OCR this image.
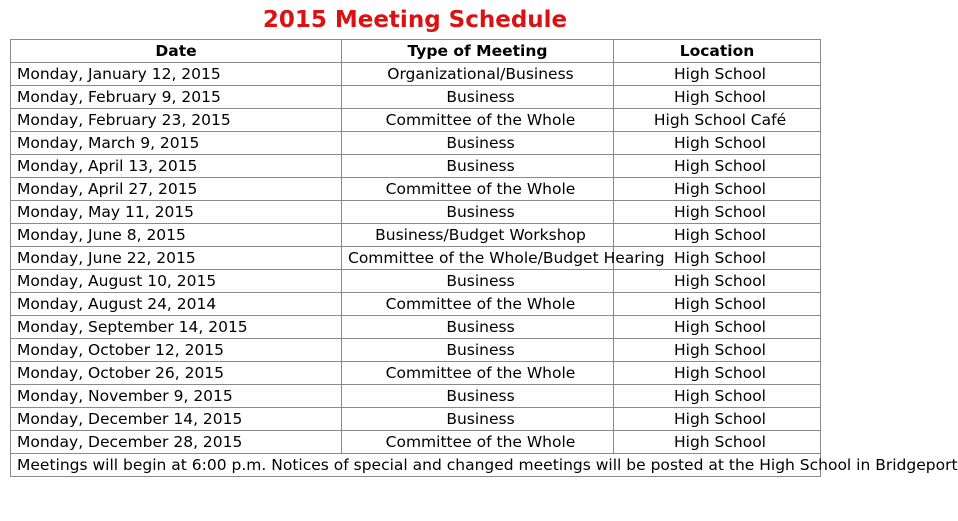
2015 Meeting Schedule
Date	Type of Meeting	Location
Monday, January 12, 2015	Organizational/Business	High School
Monday, February 9, 2015	Business	High School
Monday, February 23, 2015	Committee of the Whole	High School Café
Monday, March 9, 2015	Business	High School
Monday, April 13, 2015	Business	High School
Monday, April 27, 2015	Committee of the Whole	High School
Monday, May 11, 2015	Business	High School
Monday, June 8, 2015	Business/Budget Workshop	High School
Monday, June 22, 2015	Committee of the Whole/Budget Hearing	High School
Monday, August 10, 2015	Business	High School
Monday, August 24, 2014	Committee of the Whole	High School
Monday, September 14, 2015	Business	High School
Monday, October 12, 2015	Business	High School
Monday, October 26, 2015	Committee of the Whole	High School
Monday, November 9, 2015	Business	High School
Monday, December 14, 2015	Business	High School
Monday, December 28, 2015	Committee of the Whole	High School
Meetings will begin at 6:00 p.m. Notices of special and changed meetings will be posted at the High School in Bridgeport		
